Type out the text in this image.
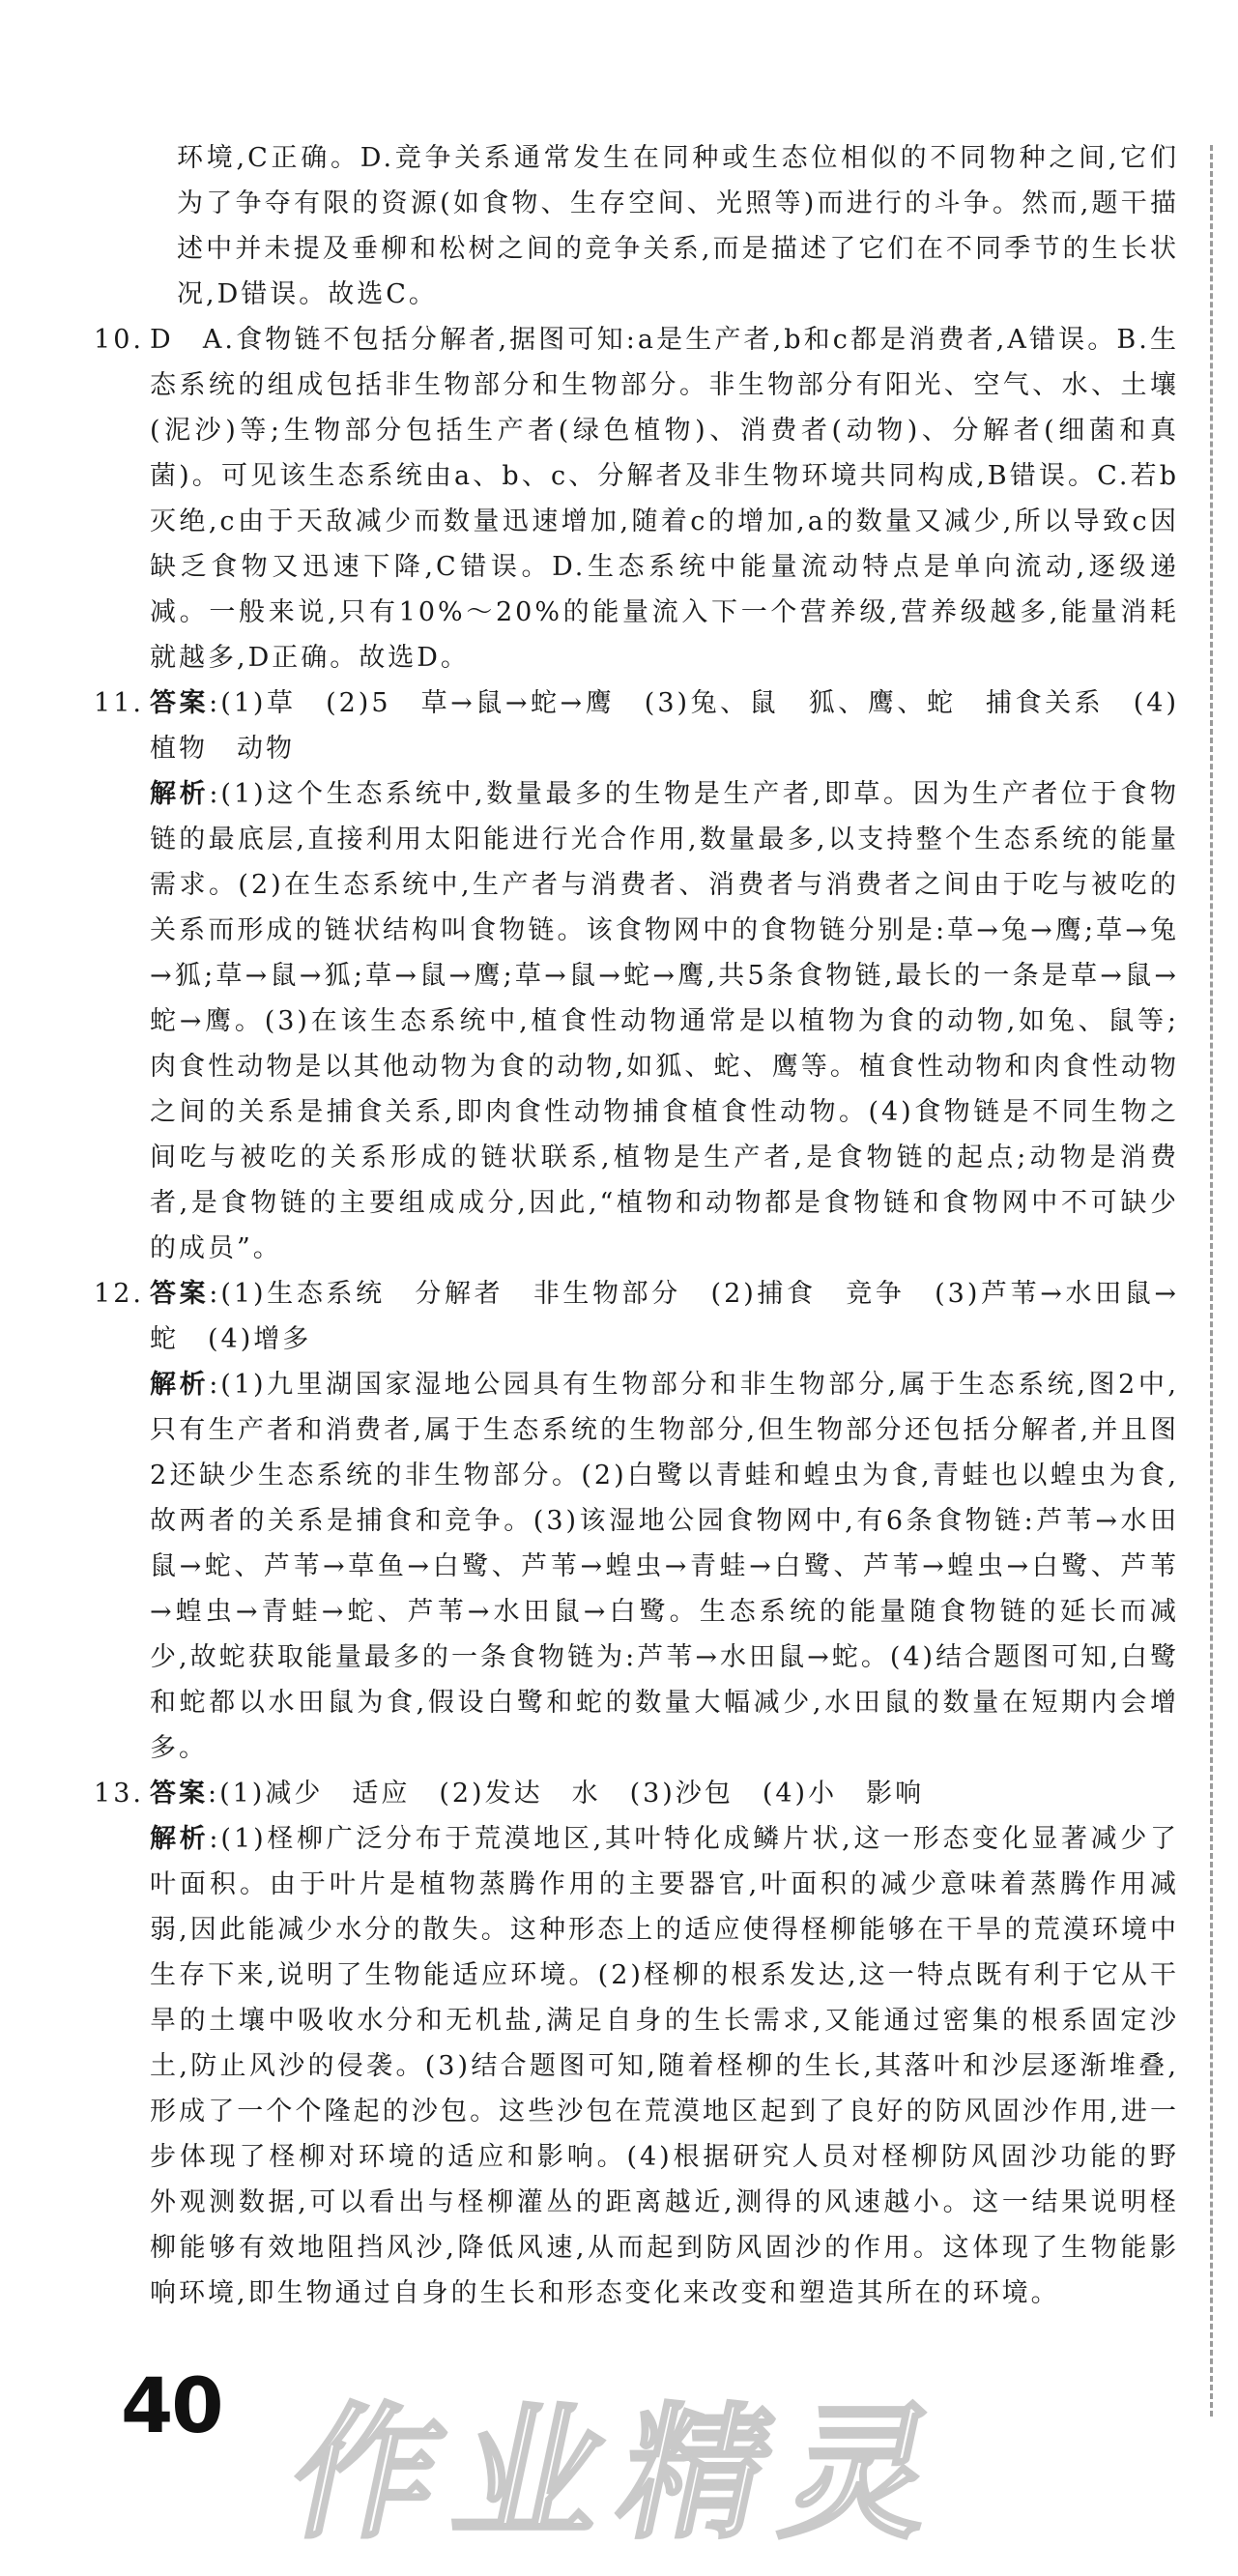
环境,C正确。D.竞争关系通常发生在同种或生态位相似的不同物种之间,它们为了争夺有限的资源(如食物、生存空间、光照等)而进行的斗争。然而,题干描述中并未提及垂柳和松树之间的竞争关系,而是描述了它们在不同季节的生长状况,D错误。故选C。

10. D　A.食物链不包括分解者,据图可知:a是生产者,b和c都是消费者,A错误。B.生态系统的组成包括非生物部分和生物部分。非生物部分有阳光、空气、水、土壤(泥沙)等;生物部分包括生产者(绿色植物)、消费者(动物)、分解者(细菌和真菌)。可见该生态系统由a、b、c、分解者及非生物环境共同构成,B错误。C.若b灭绝,c由于天敌减少而数量迅速增加,随着c的增加,a的数量又减少,所以导致c因缺乏食物又迅速下降,C错误。D.生态系统中能量流动特点是单向流动,逐级递减。一般来说,只有10%～20%的能量流入下一个营养级,营养级越多,能量消耗就越多,D正确。故选D。

11. 答案:(1)草　(2)5　草→鼠→蛇→鹰　(3)兔、鼠　狐、鹰、蛇　捕食关系　(4)植物　动物

解析:(1)这个生态系统中,数量最多的生物是生产者,即草。因为生产者位于食物链的最底层,直接利用太阳能进行光合作用,数量最多,以支持整个生态系统的能量需求。(2)在生态系统中,生产者与消费者、消费者与消费者之间由于吃与被吃的关系而形成的链状结构叫食物链。该食物网中的食物链分别是:草→兔→鹰;草→兔→狐;草→鼠→狐;草→鼠→鹰;草→鼠→蛇→鹰,共5条食物链,最长的一条是草→鼠→蛇→鹰。(3)在该生态系统中,植食性动物通常是以植物为食的动物,如兔、鼠等;肉食性动物是以其他动物为食的动物,如狐、蛇、鹰等。植食性动物和肉食性动物之间的关系是捕食关系,即肉食性动物捕食植食性动物。(4)食物链是不同生物之间吃与被吃的关系形成的链状联系,植物是生产者,是食物链的起点;动物是消费者,是食物链的主要组成成分,因此,“植物和动物都是食物链和食物网中不可缺少的成员”。

12. 答案:(1)生态系统　分解者　非生物部分　(2)捕食　竞争　(3)芦苇→水田鼠→蛇　(4)增多

解析:(1)九里湖国家湿地公园具有生物部分和非生物部分,属于生态系统,图2中,只有生产者和消费者,属于生态系统的生物部分,但生物部分还包括分解者,并且图2还缺少生态系统的非生物部分。(2)白鹭以青蛙和蝗虫为食,青蛙也以蝗虫为食,故两者的关系是捕食和竞争。(3)该湿地公园食物网中,有6条食物链:芦苇→水田鼠→蛇、芦苇→草鱼→白鹭、芦苇→蝗虫→青蛙→白鹭、芦苇→蝗虫→白鹭、芦苇→蝗虫→青蛙→蛇、芦苇→水田鼠→白鹭。生态系统的能量随食物链的延长而减少,故蛇获取能量最多的一条食物链为:芦苇→水田鼠→蛇。(4)结合题图可知,白鹭和蛇都以水田鼠为食,假设白鹭和蛇的数量大幅减少,水田鼠的数量在短期内会增多。

13. 答案:(1)减少　适应　(2)发达　水　(3)沙包　(4)小　影响

解析:(1)柽柳广泛分布于荒漠地区,其叶特化成鳞片状,这一形态变化显著减少了叶面积。由于叶片是植物蒸腾作用的主要器官,叶面积的减少意味着蒸腾作用减弱,因此能减少水分的散失。这种形态上的适应使得柽柳能够在干旱的荒漠环境中生存下来,说明了生物能适应环境。(2)柽柳的根系发达,这一特点既有利于它从干旱的土壤中吸收水分和无机盐,满足自身的生长需求,又能通过密集的根系固定沙土,防止风沙的侵袭。(3)结合题图可知,随着柽柳的生长,其落叶和沙层逐渐堆叠,形成了一个个隆起的沙包。这些沙包在荒漠地区起到了良好的防风固沙作用,进一步体现了柽柳对环境的适应和影响。(4)根据研究人员对柽柳防风固沙功能的野外观测数据,可以看出与柽柳灌丛的距离越近,测得的风速越小。这一结果说明柽柳能够有效地阻挡风沙,降低风速,从而起到防风固沙的作用。这体现了生物能影响环境,即生物通过自身的生长和形态变化来改变和塑造其所在的环境。

40 作业精灵
